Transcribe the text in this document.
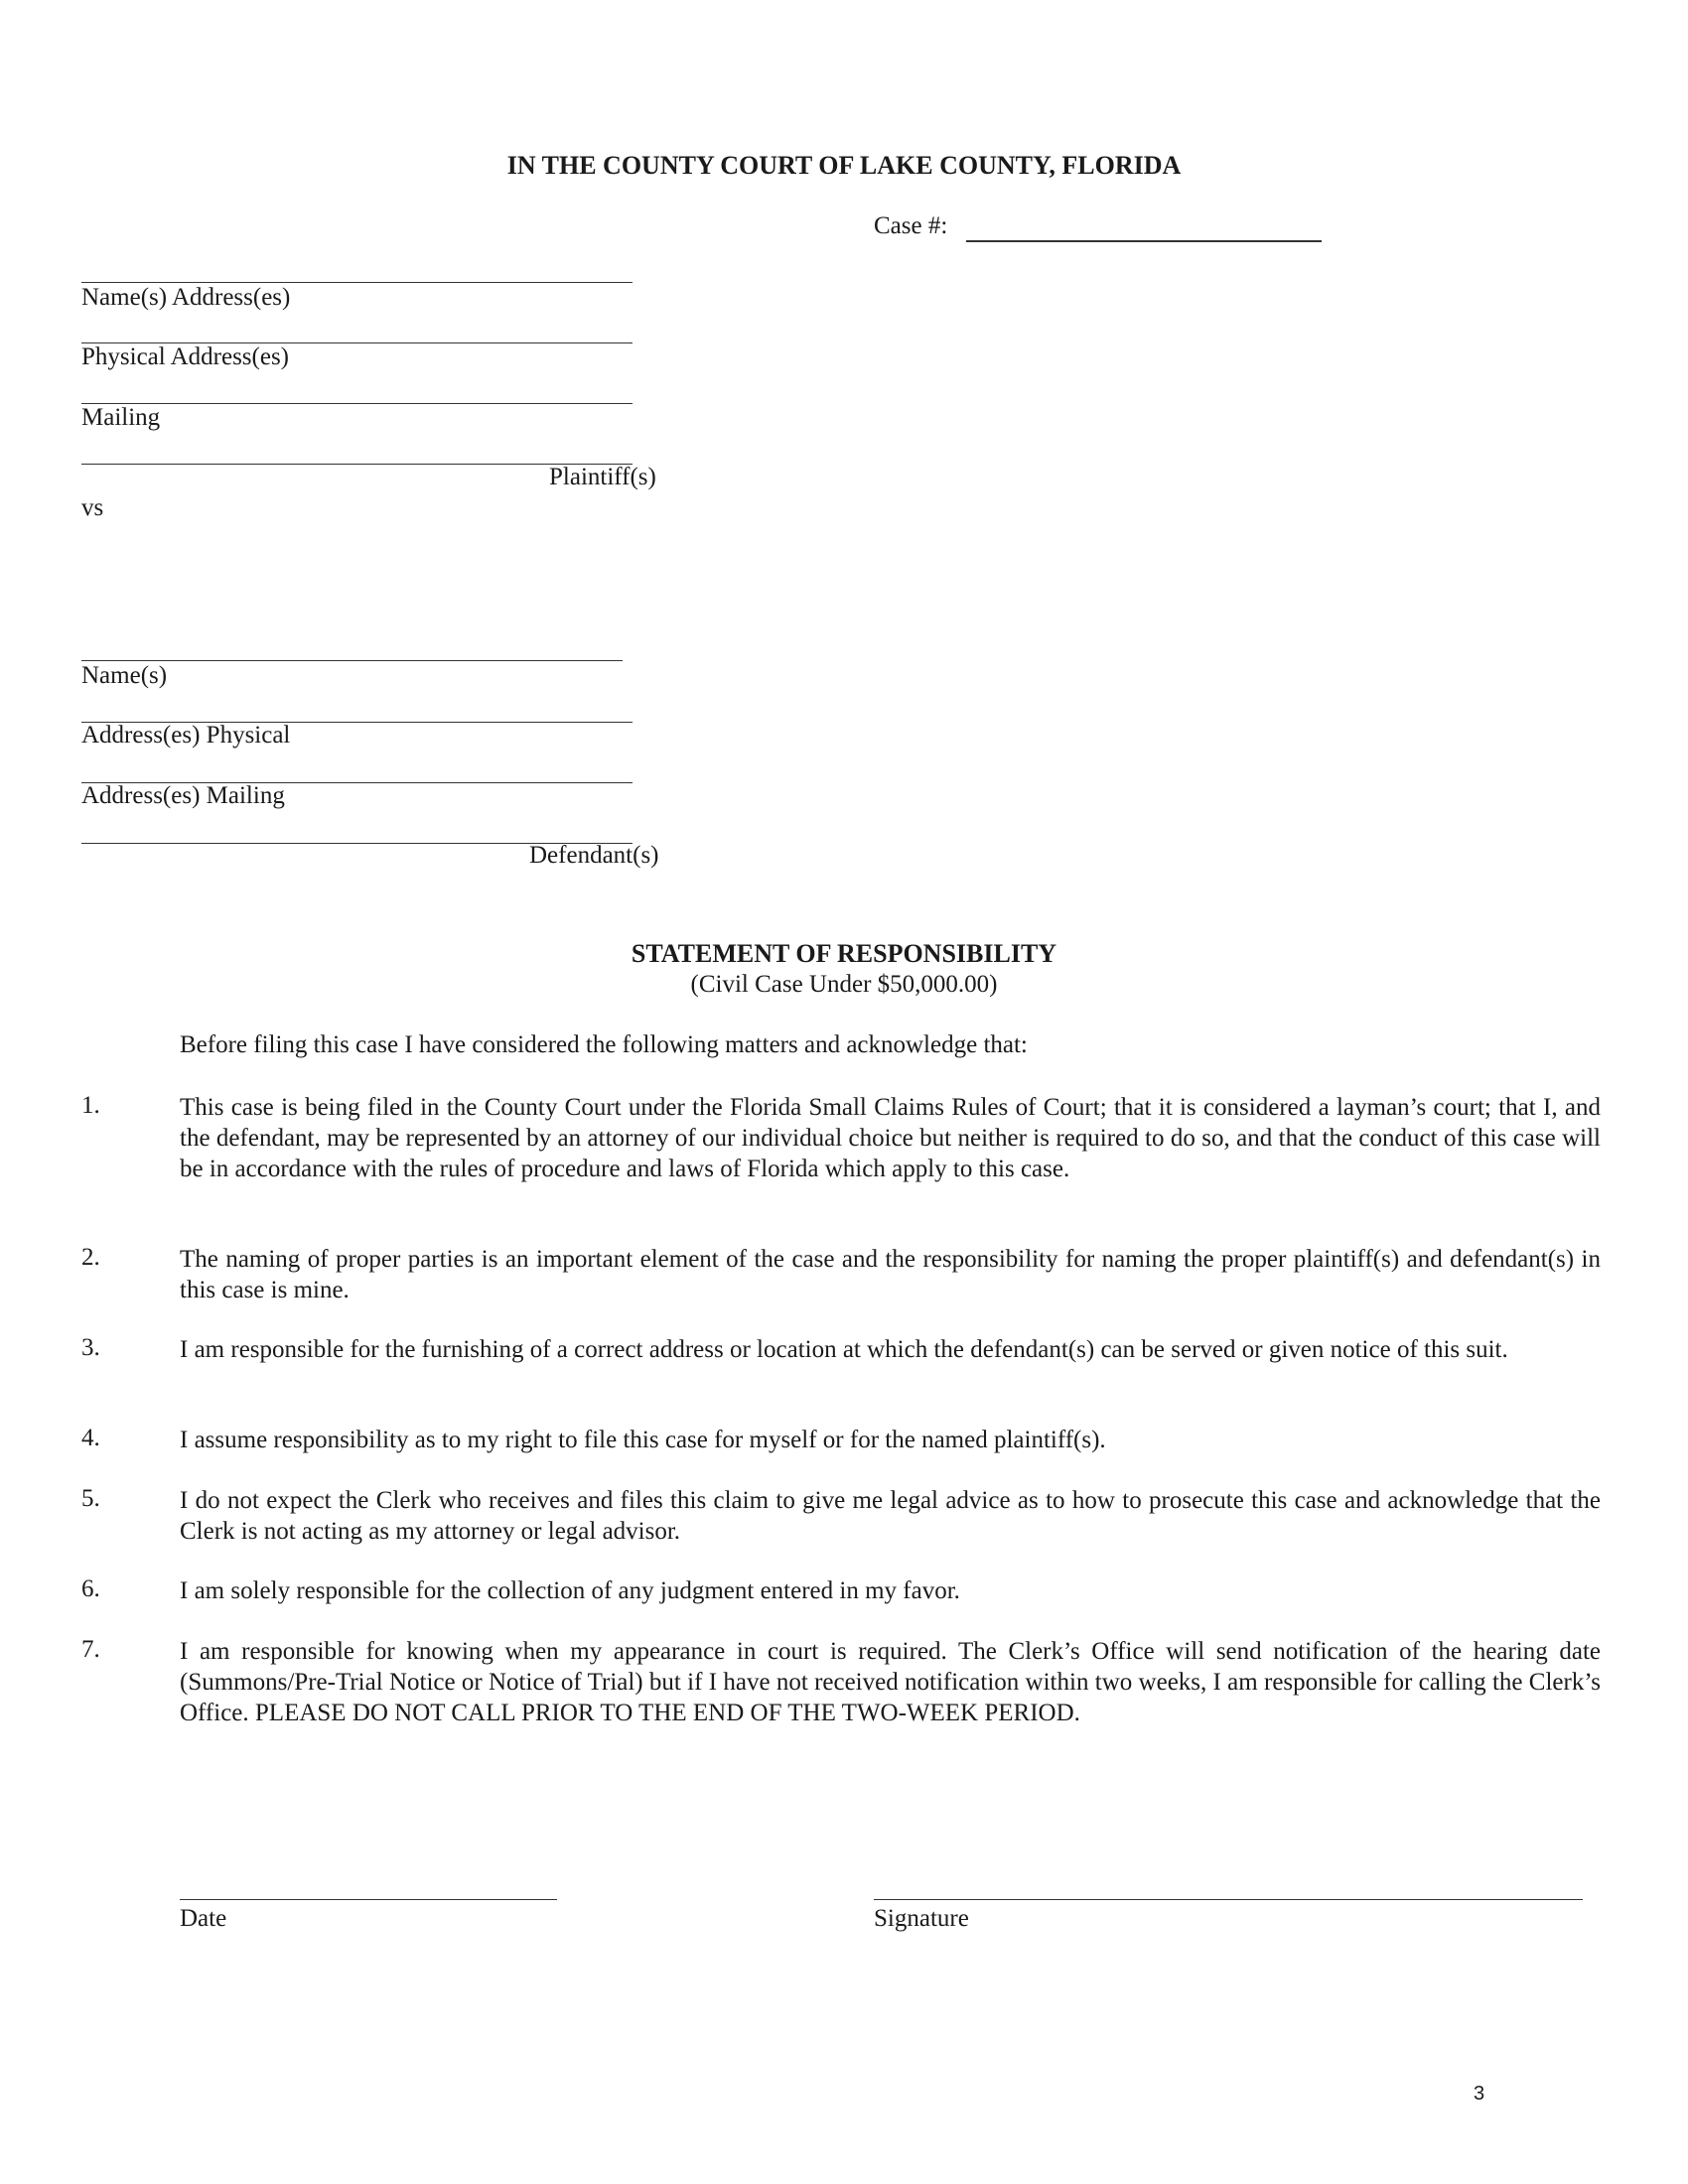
IN THE COUNTY COURT OF LAKE COUNTY, FLORIDA
Case #:
Name(s) Address(es)
Physical Address(es)
Mailing
Plaintiff(s)
vs
Name(s)
Address(es) Physical
Address(es) Mailing
Defendant(s)
STATEMENT OF RESPONSIBILITY
(Civil Case Under $50,000.00)
Before filing this case I have considered the following matters and acknowledge that:
1.	This case is being filed in the County Court under the Florida Small Claims Rules of Court; that it is considered a layman’s court; that I, and the defendant, may be represented by an attorney of our individual choice but neither is required to do so, and that the conduct of this case will be in accordance with the rules of procedure and laws of Florida which apply to this case.
2.	The naming of proper parties is an important element of the case and the responsibility for naming the proper plaintiff(s) and defendant(s) in this case is mine.
3.	I am responsible for the furnishing of a correct address or location at which the defendant(s) can be served or given notice of this suit.
4.	I assume responsibility as to my right to file this case for myself or for the named plaintiff(s).
5.	I do not expect the Clerk who receives and files this claim to give me legal advice as to how to prosecute this case and acknowledge that the Clerk is not acting as my attorney or legal advisor.
6.	I am solely responsible for the collection of any judgment entered in my favor.
7.	I am responsible for knowing when my appearance in court is required. The Clerk’s Office will send notification of the hearing date (Summons/Pre-Trial Notice or Notice of Trial) but if I have not received notification within two weeks, I am responsible for calling the Clerk’s Office. PLEASE DO NOT CALL PRIOR TO THE END OF THE TWO-WEEK PERIOD.
Date	Signature
3
